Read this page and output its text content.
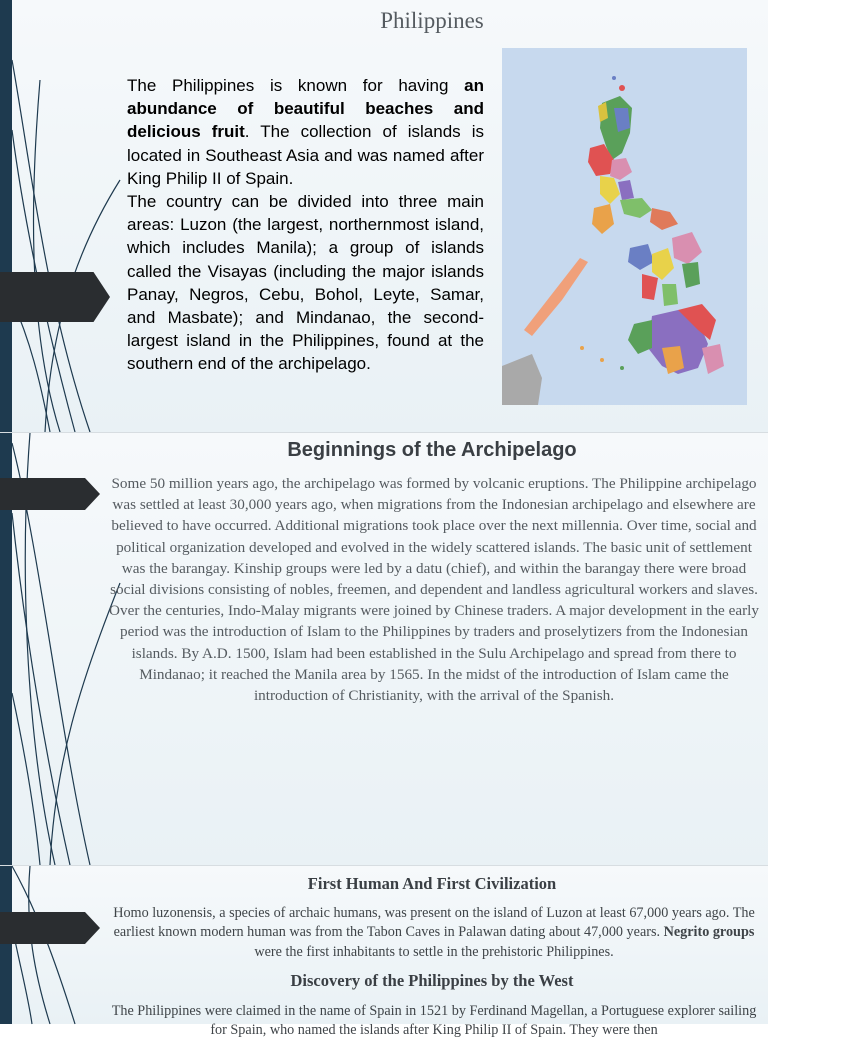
Philippines

The Philippines is known for having an abundance of beautiful beaches and delicious fruit. The collection of islands is located in Southeast Asia and was named after King Philip II of Spain.

The country can be divided into three main areas: Luzon (the largest, northernmost island, which includes Manila); a group of islands called the Visayas (including the major islands Panay, Negros, Cebu, Bohol, Leyte, Samar, and Masbate); and Mindanao, the second-largest island in the Philippines, found at the southern end of the archipelago.

Beginnings of the Archipelago
Some 50 million years ago, the archipelago was formed by volcanic eruptions. The Philippine archipelago was settled at least 30,000 years ago, when migrations from the Indonesian archipelago and elsewhere are believed to have occurred. Additional migrations took place over the next millennia. Over time, social and political organization developed and evolved in the widely scattered islands. The basic unit of settlement was the barangay. Kinship groups were led by a datu (chief), and within the barangay there were broad social divisions consisting of nobles, freemen, and dependent and landless agricultural workers and slaves. Over the centuries, Indo-Malay migrants were joined by Chinese traders. A major development in the early period was the introduction of Islam to the Philippines by traders and proselytizers from the Indonesian islands. By A.D. 1500, Islam had been established in the Sulu Archipelago and spread from there to Mindanao; it reached the Manila area by 1565. In the midst of the introduction of Islam came the introduction of Christianity, with the arrival of the Spanish.
First Human And First Civilization
Homo luzonensis, a species of archaic humans, was present on the island of Luzon at least 67,000 years ago. The earliest known modern human was from the Tabon Caves in Palawan dating about 47,000 years. Negrito groups were the first inhabitants to settle in the prehistoric Philippines.
Discovery of the Philippines by the West
The Philippines were claimed in the name of Spain in 1521 by Ferdinand Magellan, a Portuguese explorer sailing for Spain, who named the islands after King Philip II of Spain. They were then
